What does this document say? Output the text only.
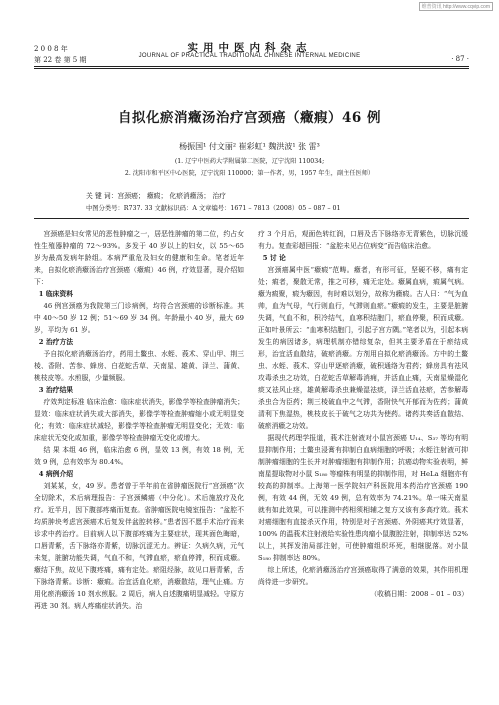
维普资讯 http://www.cqvip.com
2 0 0 8 年
第 22 卷 第 5 期
实用中医内科杂志
JOURNAL OF PRACTICAL TRADITIONAL CHINESE INTERNAL MEDICINE	· 87 ·
自拟化瘀消癥汤治疗宫颈癌（癥瘕）46 例
杨振国¹ 付文丽² 崔彩虹¹ 魏洪波¹ 张 雷³
(1. 辽宁中医药大学附属第二医院，辽宁沈阳 110034;
2. 沈阳市和平区中心医院，辽宁沈阳 110000；第一作者，男，1957 年生，副主任医师）
关 键 词：宫颈癌； 癥瘕； 化瘀消癥汤； 治疗
中图分类号：R737. 33 文献标识码：A 文章编号：1671 – 7813（2008）05 – 087 – 01

宫颈癌是妇女常见的恶性肿瘤之一，居恶性肿瘤的第二位，约占女性生殖器肿瘤的 72～93%。多发于 40 岁以上的妇女，以 55～65 岁为最高发病年龄组。本病严重危及妇女的健康和生命。笔者近年来，自拟化瘀消癥汤治疗宫颈癌（癥瘕）46 例，疗效显著，现介绍如下：

1 临床资料

46 例宫颈癌为我院第三门诊病例，均符合宫颈癌的诊断标准。其中 40～50 岁 12 例；51～69 岁 34 例。年龄最小 40 岁，最大 69 岁，平均为 61 岁。

2 治疗方法

予自拟化瘀消癥汤治疗，药用土鳖虫、水蛭、莪术、穿山甲、荆三棱、香附、苦参、蜂房、白花蛇舌草、天南星、雄黄、泽兰、蒲黄、桃枝皮等。水煎服，少量频服。

3 治疗结果

疗效判定标准 临床治愈：临床症状消失，影像学等检查肿瘤消失；显效：临床症状消失或大部消失，影像学等检查肿瘤缩小或无明显变化；有效：临床症状减轻，影像学等检查肿瘤无明显变化；无效：临床症状无变化或加重，影像学等检查肿瘤无变化或增大。

结 果 本组 46 例，临床治愈 6 例，显效 13 例，有效 18 例，无效 9 例，总有效率为 80.4%。

4 病例介绍

刘某某，女，49 岁。患者曾于半年前在省肿瘤医院行“宫颈癌”次全切除术，术后病理报告：子宫颈鳞癌（中分化）。术后施放疗及化疗。近半月，因下腹部疼痛而复查。省肿瘤医院电镜室报告：“盆腔不均质肿块考虑宫颈癌术后复发伴盆腔转移。”患者因不愿手术治疗而来诊求中药治疗。目前病人以下腹部疼痛为主要症状，现其面色晦暗，口唇青紫，舌下脉络亦青紫，切脉沉涩无力。辨证：久病久病，元气未复，脏腑功能失调，气血不和，气滞血瘀，瘀血停滞，积而成癥。癥结下焦，故见下腹疼痛，痛有定处。瘀阻经脉，故见口唇青紫，舌下脉络青紫。诊断：癥瘕。治宜活血化瘀，消癥散结，理气止痛。方用化瘀消癥汤 10 剂水煎服。2 周后，病人自述腹痛明显减轻。守原方再进 30 剂。病人疼痛症状消失。治

疗 3 个月后，观面色转红润，口唇及舌下脉络亦无青紫色，切脉沉缓有力。复查彩超回报：“盆腔未见占位病变”而告临床治愈。

5 讨 论

宫颈癌属中医“癥瘕”范畴。癥者，有形可征，坚硬不移，痛有定处；瘕者，聚散无常，推之可移，痛无定处。癥属血病，瘕属气病。癥为瘕聚，瘕为癥因，有时难以划分，故称为癥瘕。古人曰：“气为血帅，血为气母，气行则血行，气滞则血瘀。”癥瘕的发生，主要是脏腑失调，气血不和，积冷结气，血寒积结胞门，瘀血停聚，积而成癥。正如叶景所云：“血寒积结胞门，引起子宫方隅。”笔者以为，引起本病发生的病因诸多，病理机制亦错综复杂，但其主要矛盾在于瘀结成形，治宜活血散结，破瘀消癥。方剂用自拟化瘀消癥汤。方中的土鳖虫、水蛭、莪术、穿山甲逐瘀消癥，破积通络为君药；蜂房具有祛风攻毒杀虫之功效，白花蛇舌草解毒消痈，并活血止痛，天南星燥湿化痰又祛风止痉，雄黄解毒杀虫兼燥湿祛痰，泽兰活血祛瘀，苦参解毒杀虫合为臣药；荆三棱破血中之气滞，香附快气开郁而为佐药；蒲黄清利下焦湿热，桃枝皮长于破气之功共为使药。诸药共奏活血散结、破瘀消癥之功效。

据现代药理学报道，莪术注射液对小鼠宫颈癌 U₁₄、S₃₇ 等均有明显抑制作用；土鳖虫浸膏有抑制白血病细胞的呼吸；水蛭注射液可抑制肿瘤细胞的生长并对肿瘤细胞有抑制作用；抗癌动物实验表明，鲜南星提取物对小鼠 S₁₈₀ 等瘤株有明显的抑制作用，对 HeLa 细胞亦有较高的抑制率。上海第一医学院妇产科医院用本药治疗宫颈癌 190 例，有效 44 例，无效 49 例，总有效率为 74.21%。单一味天南星就有如此效果，可以推测中药相须相辅之复方又该有多高疗效。莪术对癌细胞有直接杀灭作用，特别是对子宫颈癌、外阴癌其疗效显著，100% 的温莪术注射液给实验性患肉瘤小鼠腹腔注射，抑制率达 52% 以上，其挥发油局部注射，可使肿瘤组织坏死，相继脱落。对小鼠 S₁₈₀ 抑制率达 80%。

综上所述，化瘀消癥汤治疗宫颈癌取得了满意的效果，其作用机理尚待进一步研究。

（收稿日期：2008 – 01 – 03）
